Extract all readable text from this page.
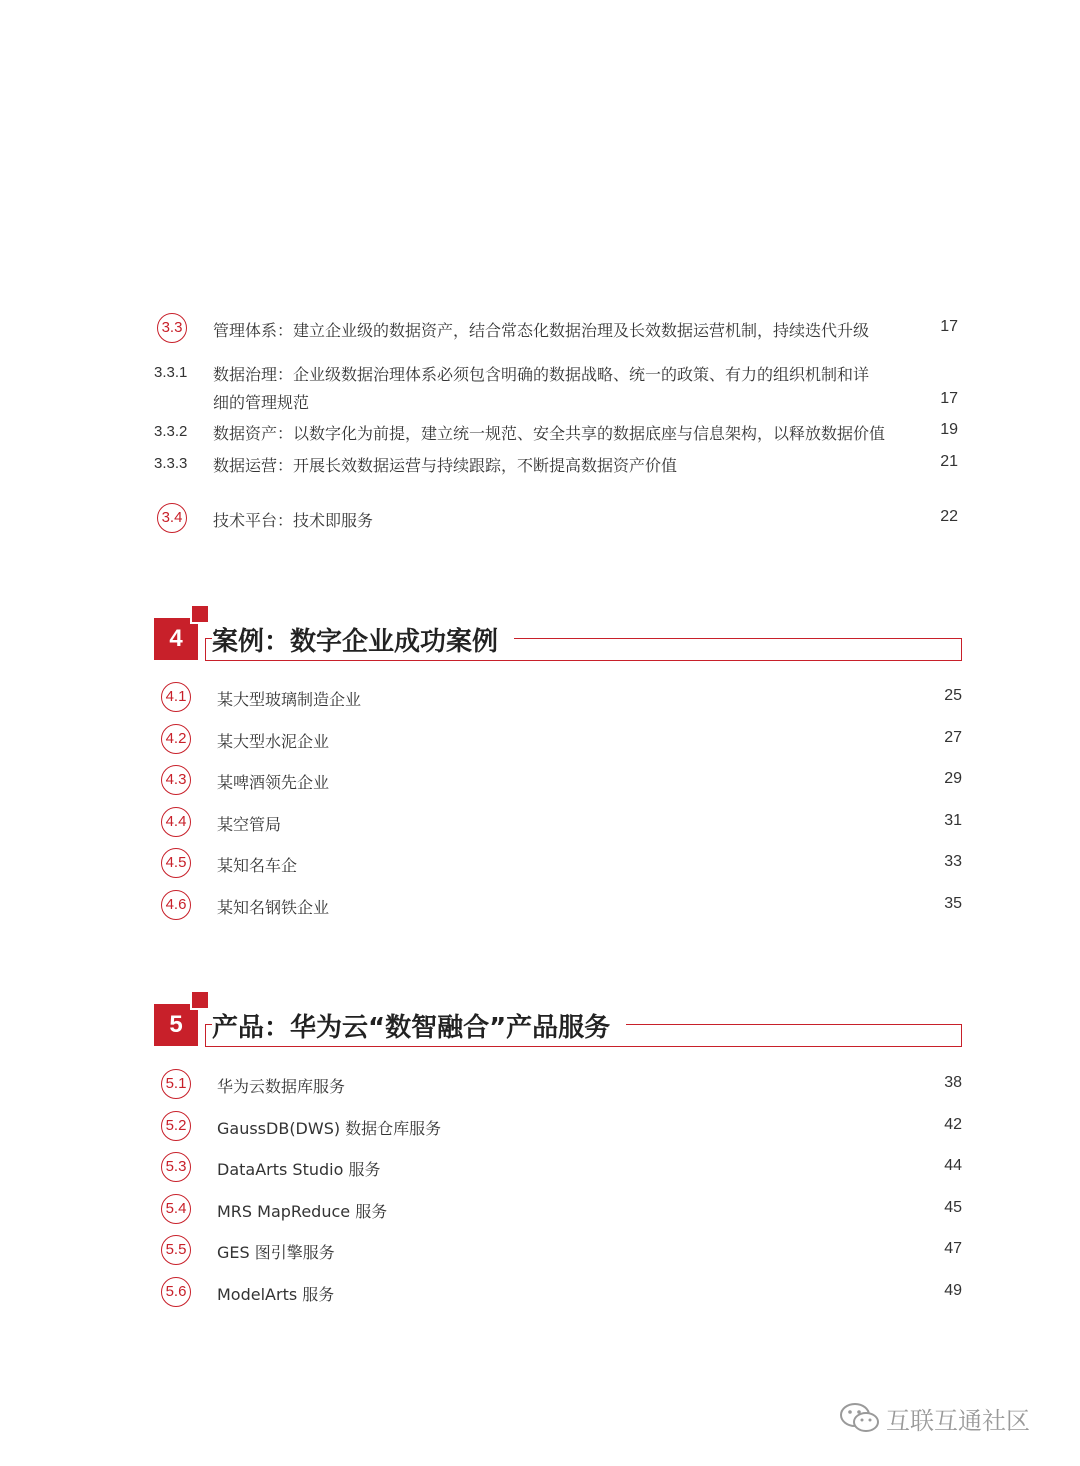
3.3 管理体系：建立企业级的数据资产，结合常态化数据治理及长效数据运营机制，持续迭代升级	17
3.3.1 数据治理：企业级数据治理体系必须包含明确的数据战略、统一的政策、有力的组织机制和详
细的管理规范	17
3.3.2 数据资产：以数字化为前提，建立统一规范、安全共享的数据底座与信息架构，以释放数据价值	19
3.3.3 数据运营：开展长效数据运营与持续跟踪，不断提高数据资产价值	21
3.4 技术平台：技术即服务	22
4	案例：数字企业成功案例
4.1 某大型玻璃制造企业	25
4.2 某大型水泥企业	27
4.3 某啤酒领先企业	29
4.4 某空管局	31
4.5 某知名车企	33
4.6 某知名钢铁企业	35
5	产品：华为云“数智融合”产品服务
5.1 华为云数据库服务	38
5.2 GaussDB(DWS) 数据仓库服务	42
5.3 DataArts Studio 服务	44
5.4 MRS MapReduce 服务	45
5.5 GES 图引擎服务	47
5.6 ModelArts 服务	49
互联互通社区
